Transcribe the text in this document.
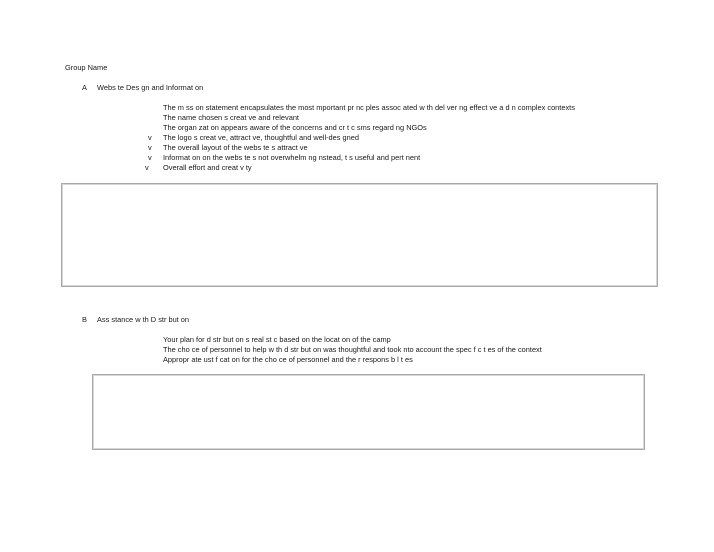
Group Name
A Webs te Des gn and Informat on
The m ss on statement encapsulates the most mportant pr nc ples assoc ated w th del ver ng effect ve a d n complex contexts
The name chosen s creat ve and relevant
The organ zat on appears aware of the concerns and cr t c sms regard ng NGOs
v The logo s creat ve, attract ve, thoughtful and well-des gned
v The overall layout of the webs te s attract ve
v Informat on on the webs te s not overwhelm ng nstead, t s useful and pert nent
v Overall effort and creat v ty
B Ass stance w th D str but on
Your plan for d str but on s real st c based on the locat on of the camp
The cho ce of personnel to help w th d str but on was thoughtful and took nto account the spec f c t es of the context
Appropr ate ust f cat on for the cho ce of personnel and the r respons b l t es
